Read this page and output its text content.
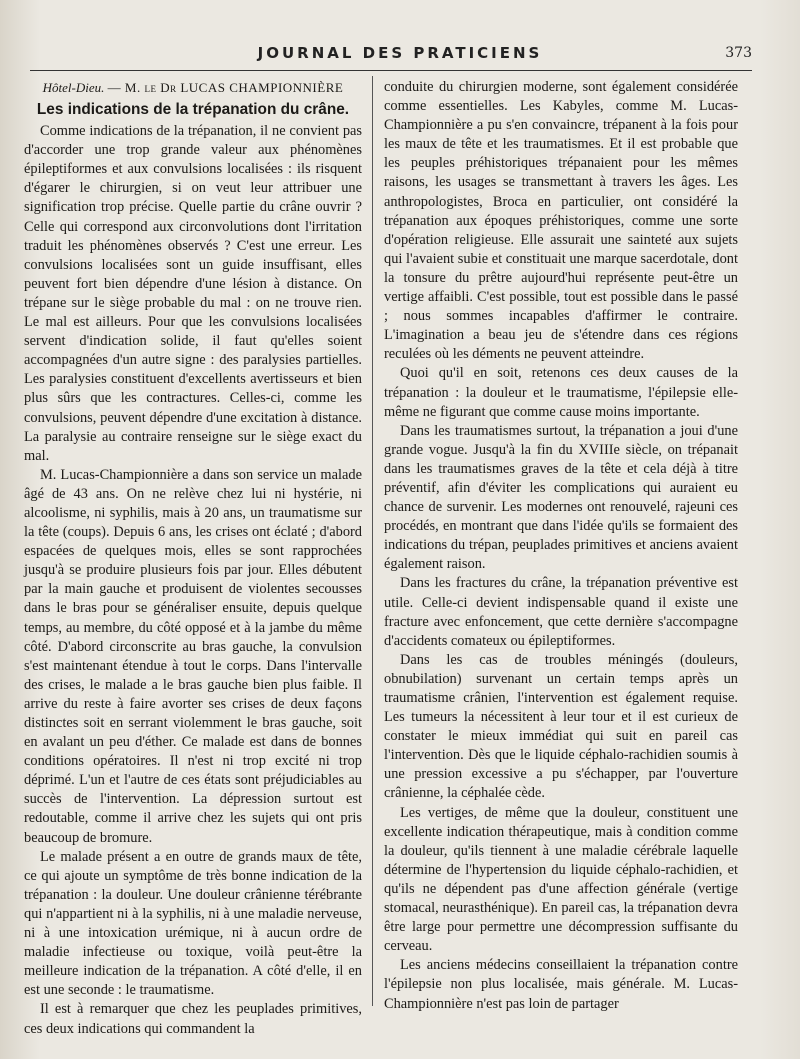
JOURNAL DES PRATICIENS	373
Hôtel-Dieu. — M. le Dr LUCAS CHAMPIONNIÈRE
Les indications de la trépanation du crâne.

Comme indications de la trépanation, il ne convient pas d'accorder une trop grande valeur aux phénomènes épileptiformes et aux convulsions localisées : ils risquent d'égarer le chirurgien, si on veut leur attribuer une signification trop précise. Quelle partie du crâne ouvrir ? Celle qui correspond aux circonvolutions dont l'irritation traduit les phénomènes observés ? C'est une erreur. Les convulsions localisées sont un guide insuffisant, elles peuvent fort bien dépendre d'une lésion à distance. On trépane sur le siège probable du mal : on ne trouve rien. Le mal est ailleurs. Pour que les convulsions localisées servent d'indication solide, il faut qu'elles soient accompagnées d'un autre signe : des paralysies partielles. Les paralysies constituent d'excellents avertisseurs et bien plus sûrs que les contractures. Celles-ci, comme les convulsions, peuvent dépendre d'une excitation à distance. La paralysie au contraire renseigne sur le siège exact du mal.

M. Lucas-Championnière a dans son service un malade âgé de 43 ans. On ne relève chez lui ni hystérie, ni alcoolisme, ni syphilis, mais à 20 ans, un traumatisme sur la tête (coups). Depuis 6 ans, les crises ont éclaté ; d'abord espacées de quelques mois, elles se sont rapprochées jusqu'à se produire plusieurs fois par jour. Elles débutent par la main gauche et produisent de violentes secousses dans le bras pour se généraliser ensuite, depuis quelque temps, au membre, du côté opposé et à la jambe du même côté. D'abord circonscrite au bras gauche, la convulsion s'est maintenant étendue à tout le corps. Dans l'intervalle des crises, le malade a le bras gauche bien plus faible. Il arrive du reste à faire avorter ses crises de deux façons distinctes soit en serrant violemment le bras gauche, soit en avalant un peu d'éther. Ce malade est dans de bonnes conditions opératoires. Il n'est ni trop excité ni trop déprimé. L'un et l'autre de ces états sont préjudiciables au succès de l'intervention. La dépression surtout est redoutable, comme il arrive chez les sujets qui ont pris beaucoup de bromure.

Le malade présent a en outre de grands maux de tête, ce qui ajoute un symptôme de très bonne indication de la trépanation : la douleur. Une douleur crânienne térébrante qui n'appartient ni à la syphilis, ni à une maladie nerveuse, ni à une intoxication urémique, ni à aucun ordre de maladie infectieuse ou toxique, voilà peut-être la meilleure indication de la trépanation. A côté d'elle, il en est une seconde : le traumatisme.

Il est à remarquer que chez les peuplades primitives, ces deux indications qui commandent la

conduite du chirurgien moderne, sont également considérée comme essentielles. Les Kabyles, comme M. Lucas-Championnière a pu s'en convaincre, trépanent à la fois pour les maux de tête et les traumatismes. Et il est probable que les peuples préhistoriques trépanaient pour les mêmes raisons, les usages se transmettant à travers les âges. Les anthropologistes, Broca en particulier, ont considéré la trépanation aux époques préhistoriques, comme une sorte d'opération religieuse. Elle assurait une sainteté aux sujets qui l'avaient subie et constituait une marque sacerdotale, dont la tonsure du prêtre aujourd'hui représente peut-être un vertige affaibli. C'est possible, tout est possible dans le passé ; nous sommes incapables d'affirmer le contraire. L'imagination a beau jeu de s'étendre dans ces régions reculées où les déments ne peuvent atteindre.

Quoi qu'il en soit, retenons ces deux causes de la trépanation : la douleur et le traumatisme, l'épilepsie elle-même ne figurant que comme cause moins importante.

Dans les traumatismes surtout, la trépanation a joui d'une grande vogue. Jusqu'à la fin du XVIIIe siècle, on trépanait dans les traumatismes graves de la tête et cela déjà à titre préventif, afin d'éviter les complications qui auraient eu chance de survenir. Les modernes ont renouvelé, rajeuni ces procédés, en montrant que dans l'idée qu'ils se formaient des indications du trépan, peuplades primitives et anciens avaient également raison.

Dans les fractures du crâne, la trépanation préventive est utile. Celle-ci devient indispensable quand il existe une fracture avec enfoncement, que cette dernière s'accompagne d'accidents comateux ou épileptiformes.

Dans les cas de troubles méningés (douleurs, obnubilation) survenant un certain temps après un traumatisme crânien, l'intervention est également requise. Les tumeurs la nécessitent à leur tour et il est curieux de constater le mieux immédiat qui suit en pareil cas l'intervention. Dès que le liquide céphalo-rachidien soumis à une pression excessive a pu s'échapper, par l'ouverture crânienne, la céphalée cède.

Les vertiges, de même que la douleur, constituent une excellente indication thérapeutique, mais à condition comme la douleur, qu'ils tiennent à une maladie cérébrale laquelle détermine de l'hypertension du liquide céphalo-rachidien, et qu'ils ne dépendent pas d'une affection générale (vertige stomacal, neurasthénique). En pareil cas, la trépanation devra être large pour permettre une décompression suffisante du cerveau.

Les anciens médecins conseillaient la trépanation contre l'épilepsie non plus localisée, mais générale. M. Lucas-Championnière n'est pas loin de partager
